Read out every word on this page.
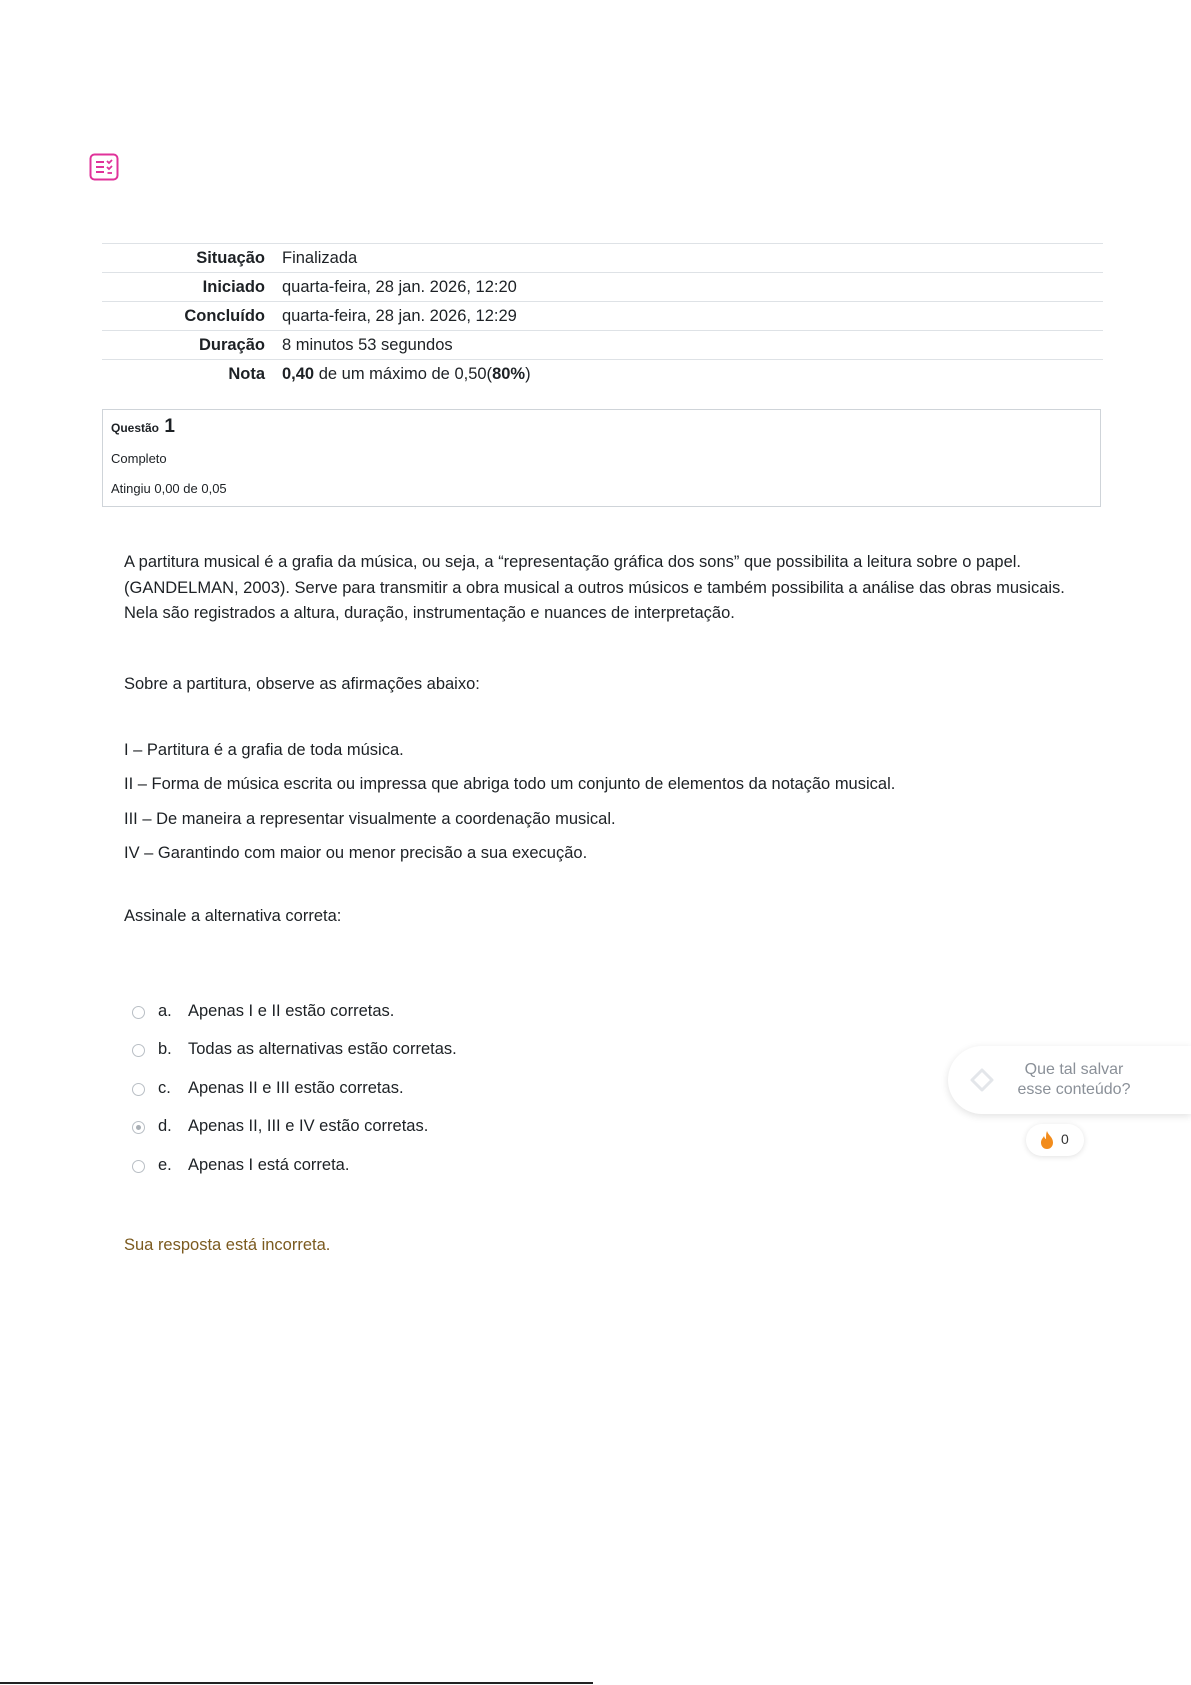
Situação	Finalizada
Iniciado	quarta-feira, 28 jan. 2026, 12:20
Concluído	quarta-feira, 28 jan. 2026, 12:29
Duração	8 minutos 53 segundos
Nota	0,40 de um máximo de 0,50(80%)
Questão 1
Completo
Atingiu 0,00 de 0,05
A partitura musical é a grafia da música, ou seja, a “representação gráfica dos sons” que possibilita a leitura sobre o papel. (GANDELMAN, 2003). Serve para transmitir a obra musical a outros músicos e também possibilita a análise das obras musicais. Nela são registrados a altura, duração, instrumentação e nuances de interpretação.
Sobre a partitura, observe as afirmações abaixo:
I – Partitura é a grafia de toda música.
II – Forma de música escrita ou impressa que abriga todo um conjunto de elementos da notação musical.
III – De maneira a representar visualmente a coordenação musical.
IV – Garantindo com maior ou menor precisão a sua execução.
Assinale a alternativa correta:
a. Apenas I e II estão corretas.
b. Todas as alternativas estão corretas.
c. Apenas II e III estão corretas.
d. Apenas II, III e IV estão corretas.
e. Apenas I está correta.
Sua resposta está incorreta.
Que tal salvar esse conteúdo?
0
